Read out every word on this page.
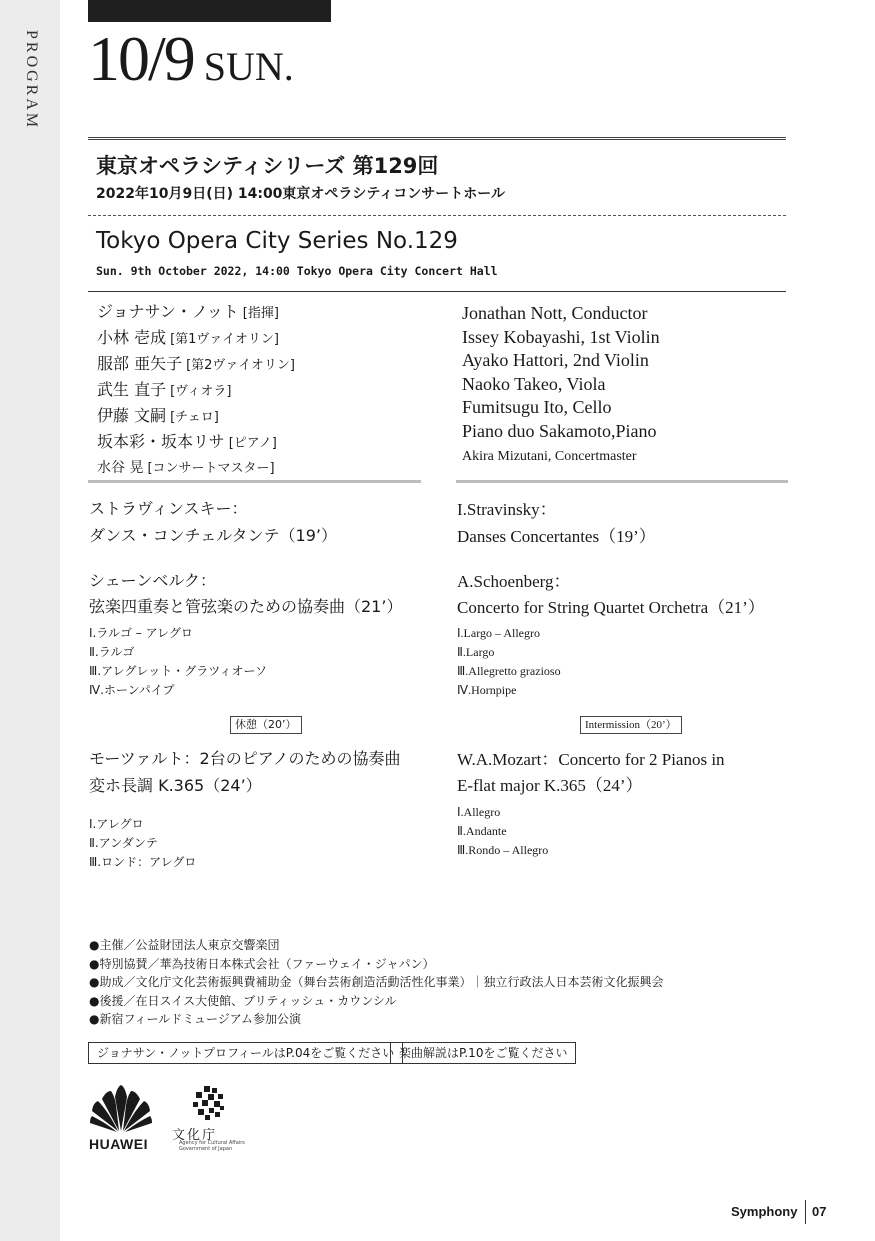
PROGRAM 10/9 SUN.
東京オペラシティシリーズ 第129回
2022年10月9日(日) 14:00東京オペラシティコンサートホール
Tokyo Opera City Series No.129
Sun. 9th October 2022, 14:00 Tokyo Opera City Concert Hall
ジョナサン・ノット [指揮]
小林 壱成 [第1ヴァイオリン]
服部 亜矢子 [第2ヴァイオリン]
武生 直子 [ヴィオラ]
伊藤 文嗣 [チェロ]
坂本彩・坂本リサ [ピアノ]
水谷 晃 [コンサートマスター]
Jonathan Nott, Conductor
Issey Kobayashi, 1st Violin
Ayako Hattori, 2nd Violin
Naoko Takeo, Viola
Fumitsugu Ito, Cello
Piano duo Sakamoto,Piano
Akira Mizutani, Concertmaster
ストラヴィンスキー：
ダンス・コンチェルタンテ（19’）
シェーンベルク：
弦楽四重奏と管弦楽のための協奏曲（21’）
Ⅰ.ラルゴ – アレグロ
Ⅱ.ラルゴ
Ⅲ.アレグレット・グラツィオーソ
Ⅳ.ホーンパイプ
休憩（20’）
モーツァルト：2台のピアノのための協奏曲
変ホ長調 K.365（24’）
Ⅰ.アレグロ
Ⅱ.アンダンテ
Ⅲ.ロンド：アレグロ
I.Stravinsky：
Danses Concertantes（19’）
A.Schoenberg：
Concerto for String Quartet Orchetra（21’）
Ⅰ.Largo – Allegro
Ⅱ.Largo
Ⅲ.Allegretto grazioso
Ⅳ.Hornpipe
Intermission（20’）
W.A.Mozart：Concerto for 2 Pianos in
E-flat major K.365（24’）
Ⅰ.Allegro
Ⅱ.Andante
Ⅲ.Rondo – Allegro
●主催／公益財団法人東京交響楽団
●特別協賛／華為技術日本株式会社（ファーウェイ・ジャパン）
●助成／文化庁文化芸術振興費補助金（舞台芸術創造活動活性化事業）｜独立行政法人日本芸術文化振興会
●後援／在日スイス大使館、ブリティッシュ・カウンシル
●新宿フィールドミュージアム参加公演
ジョナサン・ノットプロフィールはP.04をご覧ください 楽曲解説はP.10をご覧ください
HUAWEI
文化庁
Agency for Cultural Affairs
Government of Japan
Symphony 07
